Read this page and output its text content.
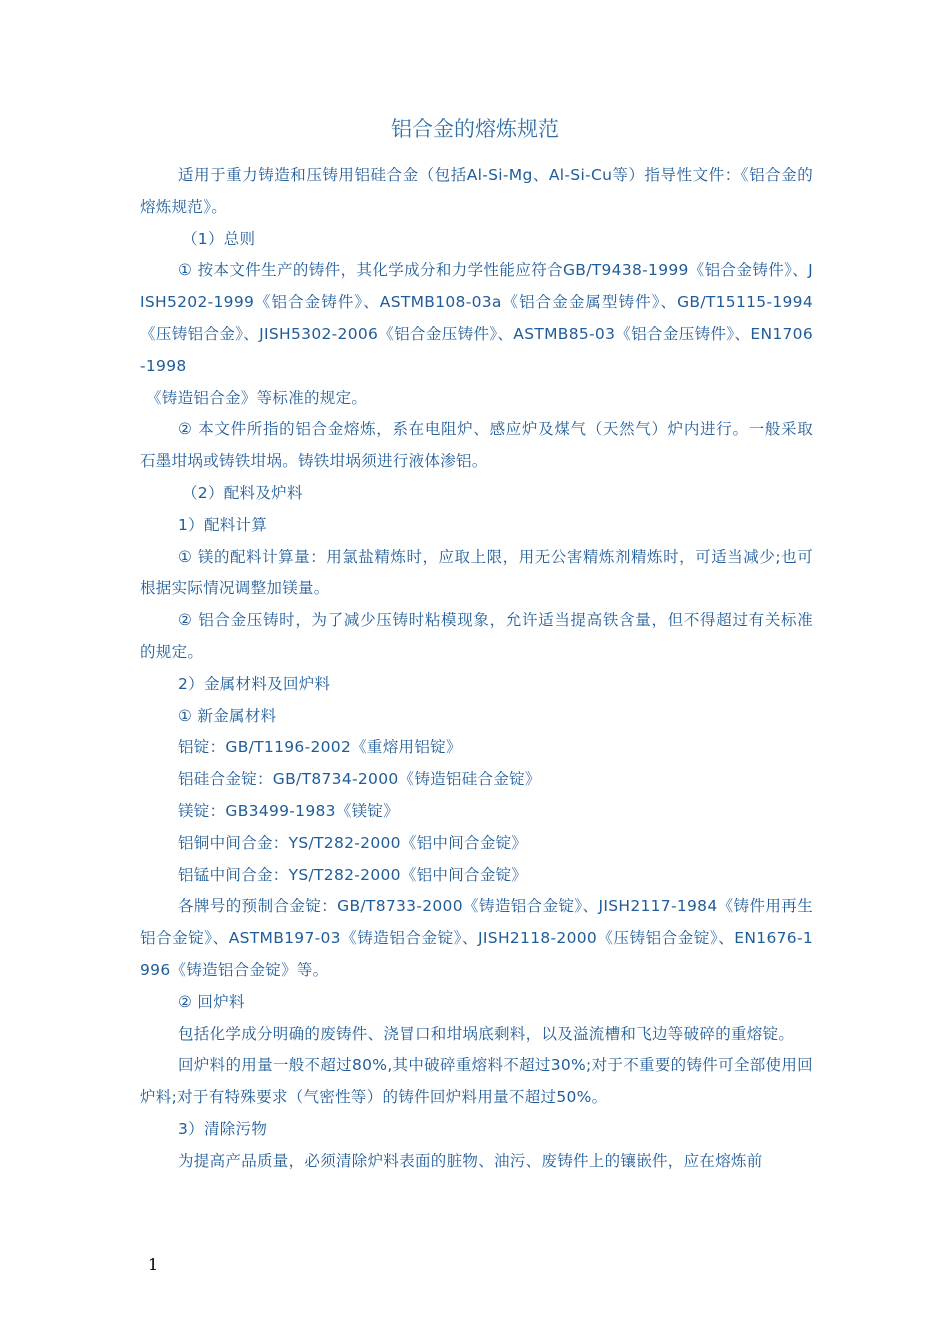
铝合金的熔炼规范

适用于重力铸造和压铸用铝硅合金（包括Al-Si-Mg、Al-Si-Cu等）指导性文件：《铝合金的熔炼规范》。

（1）总则

① 按本文件生产的铸件，其化学成分和力学性能应符合GB/T9438-1999《铝合金铸件》、JISH5202-1999《铝合金铸件》、ASTMB108-03a《铝合金金属型铸件》、GB/T15115-1994《压铸铝合金》、JISH5302-2006《铝合金压铸件》、ASTMB85-03《铝合金压铸件》、EN1706-1998

《铸造铝合金》等标准的规定。

② 本文件所指的铝合金熔炼，系在电阻炉、感应炉及煤气（天然气）炉内进行。一般采取石墨坩埚或铸铁坩埚。铸铁坩埚须进行液体渗铝。

（2）配料及炉料

1）配料计算

① 镁的配料计算量：用氯盐精炼时，应取上限，用无公害精炼剂精炼时，可适当减少;也可根据实际情况调整加镁量。

② 铝合金压铸时，为了减少压铸时粘模现象，允许适当提高铁含量，但不得超过有关标准的规定。

2）金属材料及回炉料

① 新金属材料

铝锭：GB/T1196-2002《重熔用铝锭》

铝硅合金锭：GB/T8734-2000《铸造铝硅合金锭》

镁锭：GB3499-1983《镁锭》

铝铜中间合金：YS/T282-2000《铝中间合金锭》

铝锰中间合金：YS/T282-2000《铝中间合金锭》

各牌号的预制合金锭：GB/T8733-2000《铸造铝合金锭》、JISH2117-1984《铸件用再生铝合金锭》、ASTMB197-03《铸造铝合金锭》、JISH2118-2000《压铸铝合金锭》、EN1676-1996《铸造铝合金锭》等。

② 回炉料

包括化学成分明确的废铸件、浇冒口和坩埚底剩料，以及溢流槽和飞边等破碎的重熔锭。

回炉料的用量一般不超过80%,其中破碎重熔料不超过30%;对于不重要的铸件可全部使用回炉料;对于有特殊要求（气密性等）的铸件回炉料用量不超过50%。

3）清除污物

为提高产品质量，必须清除炉料表面的脏物、油污、废铸件上的镶嵌件，应在熔炼前

1
